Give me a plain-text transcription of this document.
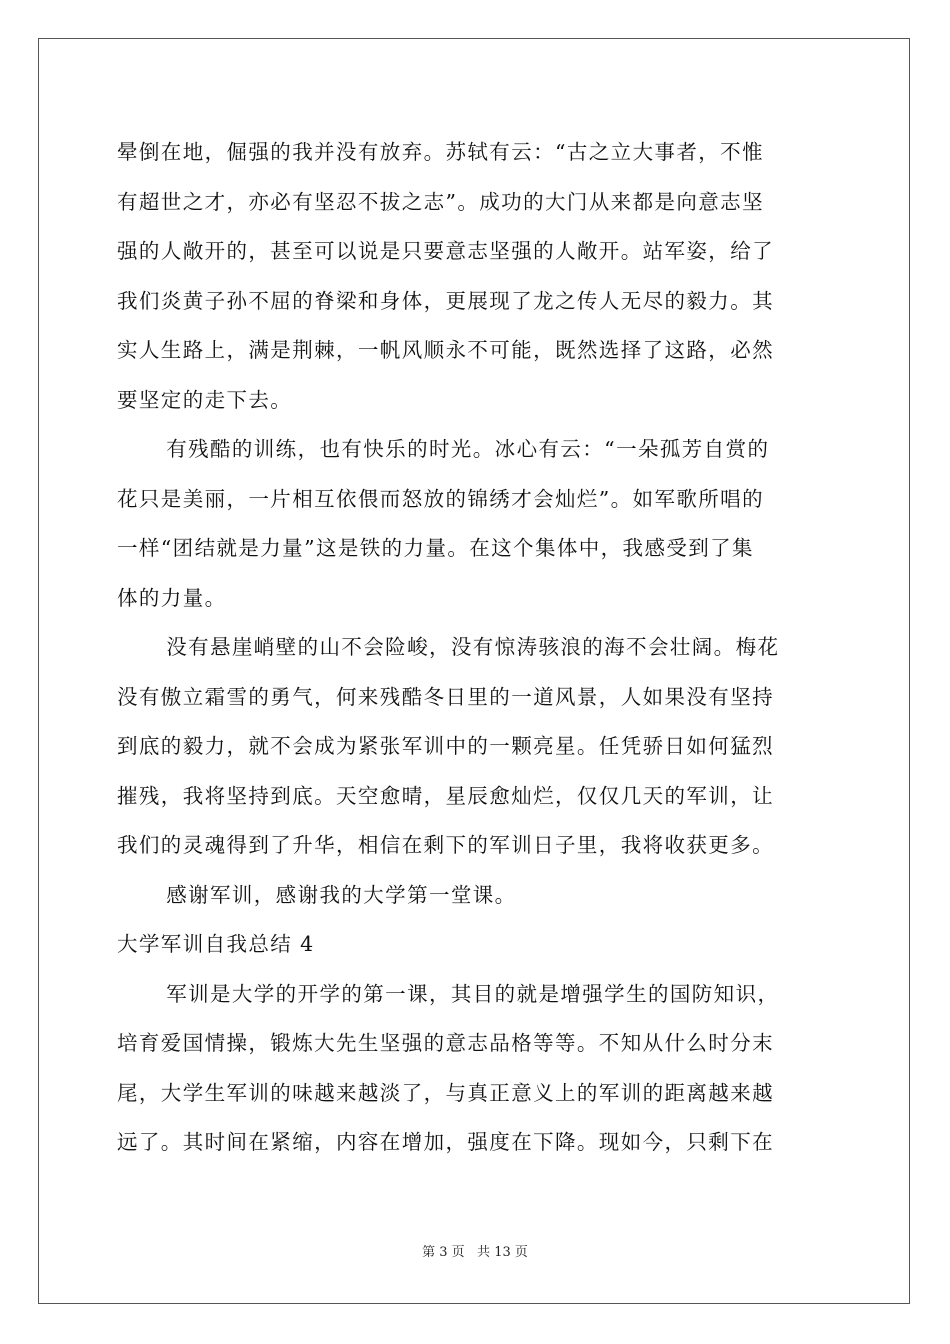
晕倒在地，倔强的我并没有放弃。苏轼有云：“古之立大事者，不惟
有超世之才，亦必有坚忍不拔之志”。成功的大门从来都是向意志坚
强的人敞开的，甚至可以说是只要意志坚强的人敞开。站军姿，给了
我们炎黄子孙不屈的脊梁和身体，更展现了龙之传人无尽的毅力。其
实人生路上，满是荆棘，一帆风顺永不可能，既然选择了这路，必然
要坚定的走下去。

有残酷的训练，也有快乐的时光。冰心有云：“一朵孤芳自赏的
花只是美丽，一片相互依偎而怒放的锦绣才会灿烂”。如军歌所唱的
一样“团结就是力量”这是铁的力量。在这个集体中，我感受到了集
体的力量。

没有悬崖峭壁的山不会险峻，没有惊涛骇浪的海不会壮阔。梅花
没有傲立霜雪的勇气，何来残酷冬日里的一道风景，人如果没有坚持
到底的毅力，就不会成为紧张军训中的一颗亮星。任凭骄日如何猛烈
摧残，我将坚持到底。天空愈晴，星辰愈灿烂，仅仅几天的军训，让
我们的灵魂得到了升华，相信在剩下的军训日子里，我将收获更多。

感谢军训，感谢我的大学第一堂课。

大学军训自我总结 4

军训是大学的开学的第一课，其目的就是增强学生的国防知识，
培育爱国情操，锻炼大先生坚强的意志品格等等。不知从什么时分末
尾，大学生军训的味越来越淡了，与真正意义上的军训的距离越来越
远了。其时间在紧缩，内容在增加，强度在下降。现如今，只剩下在

第 3 页   共 13 页
